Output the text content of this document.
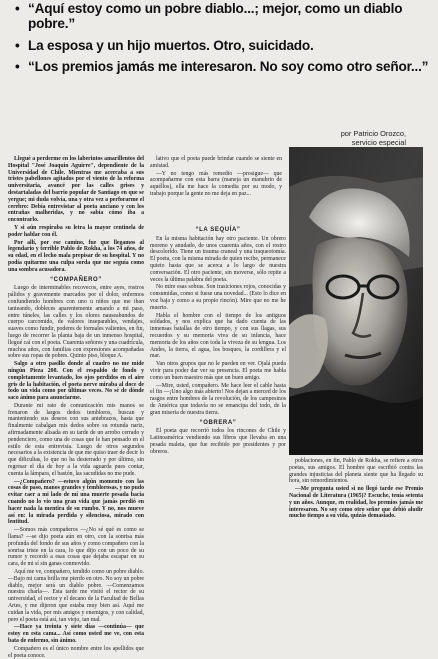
• “Aquí estoy como un pobre diablo...; mejor, como un diablo pobre.”

• La esposa y un hijo muertos. Otro, suicidado.

• “Los premios jamás me interesaron. No soy como otro señor...”

por Patricio Orozco,
servicio especial

Llegué a perderme en los laberintos amarillentos del Hospital "José Joaquín Aguirre", dependiente de la Universidad de Chile. Mientras me acercaba a sus tristes pabellones agitados por el viento de la reforma universitaria, avancé por las calles grises y destartaladas del barrio popular de Santiago en que se yergue; mi duda volvía, una y otra vez a perforarme el cerebro: Debía entrevistar al poeta anciano y con los entrañas malheridas, y no sabía cómo iba a encontrarlo.

Y si aún respiraba su letra la mayor centinela de poder hablar con él.

Por allí, por ese camino, fue que llegamos al legendario y terrible Pablo de Rokha, a los 74 años, de su edad, en el lecho mala prepisar de su hospital. Y no podía quitarme una culpa sorda que me seguía como una sombra acusadora.

“COMPAÑERO”

Luego de interminables recovecos, entre ayes, rostros pálidos y gravemente marcados por el dolor, enfermos confundiendo hombres con uno u niños que me iban tanteando, dobleces aparentemente amando a mi paso, entre túneles, las calles y los olores nauseabundos de cuerpo carcomido, de valores inseparables, vendajes, suaves como fundir, poderes de formales valientes, en fin, luego de recorrer la planta baja de un inmenso hospital, llegué caí con el poeta. Cuarenta señores y una cuadrícula, muchos años, con familias con expresiones acompañadas sobre sus ropas de pobres. Quinto piso, bloque A.

Salgo a otro pasillo donde al cuadro no me mide ningún Pieza 208. Con el respaldo de fondo y completamente levantado, los ojos perdidos en el aire gris de la habitación, el poeta nerve miraba al doce de todo un vida como por últimas veces. No sé de dónde saco ánimo para anunciarme.

Durante mi rato de comunicación mis manos se frenaron de largos dedos tembloros, buscan y manteniendo sus deseos con sus antebrazos, hasta que finalmente cabalgan mis dedos sobre su rotunda nariz, afirmadamente alisada en su tarde de un arrobo cerrado y pendenciero, como una de cosas que le han pensado en el estilo de esta entrevista. Luego de otros segundos necesarios a la existencia de que me quiso traer de decir lo que dificultas, lo que no ha desterrado y por último, sin regresar el día de hoy a la vida aguarda pues contar, cuenta la lámpara, el bastón, las sacudidas no me pude.

—¿Compañero? —estuvo algún momento con las cosas de paso, manos grandes y temblorosas, y no pudo evitar caer a mi lado de mí una muerte pesada hacia cuando no lo vio una gran vida que jamás perdió en hacer nada la mentira de su rumbo. Y no, nos mueve así en: la mirada perdida y silenciosa, mirado con lentitud.

—Somos más compañeros —¿No sé qué es como se llama? —se dijo poeta aún en otro, con la sonrisa más profunda del fondo de sus años y como compañero con la sonrisa triste en la cara, lo que dijo con un poco de su rumor y recordó a esas cosas que dejaba escapar en su cara, de mi sí sin ganas conmovido.

Aquí me ve, compañero, tendido como un pobre diablo. —Bajo mi cama brilla me pierdo en otro. No soy un pobre diablo, mejor será un diablo pobre. —Comenzamos nuestra charla—. Esta tarde me visitó el rector de su universidad, el rector y el decano de la Facultad de Bellas Artes, y me dijeron que estaba muy bien así. Aquí me cuidan la vida, por mis amigos y enemigos, y con calidad, pero el poeta está así, tan viejo, tan mal.

—Hace ya treinta y siete días —continúa— que estoy en esta cama... Así como usted me ve, con esta bata de enfermo, sin ánimo.

Compañero es el único nombre entre los apellidos que el poeta conoce.

lativo que el poeta puede brindar cuando se siente en amistad.

—Y no tengo más remedio —prosigue— que acompañarme con esta barra (maneja un manubrio de aquéllos), ella me hace la comedia por su modo, y trabajo porque la gente no me deja en paz...

“LA SEQUÍA”

En la misma habitación hay otro paciente. Un obrero moreno y anudado, de unos cuarenta años, con el rostro descolorido. Tiene un trauma craneal y una traqueotomía. El poeta, con la misma mirada de quien recibe, permanece quieto hasta que se acerca a lo largo de nuestra conversación. El otro paciente, sin moverse, sólo repite a veces la última palabra del poeta.

No mire esas sobras. Son trasiciones rojos, conocidas y consumidas, como si fuese una novedad... (Esto lo dice en voz baja y como a su propio rincón). Mire que no me he muerto.

Habla el hombre con el tiempo de los antiguos soldados, y nos explica que ha dado cuenta de las inmensas batallas de otro tiempo, y con sus llagas, sus recuerdos y su memoria viva de su infancia, hace memoria de los años con toda la viveza de su lengua. Los Andes, la tierra, el agua, los bosques, la cordillera y el mar.

Van otros grupos que no le pueden en ver. Ojalá pueda vivir para poder dar ver su presencia. El poeta me habla como un buen maestro más que un buen amigo.

—Mire, usted, compañero. Me hace leer el cable hasta el fin —¡Uno algo más abierto! Nos dejan a merced de los rasgos entre hombres de la revolución, de los campesinos de América que todavía no se emancipa del todo, de la gran miseria de nuestra tierra.

“OBRERA”

El poeta que recorrió todos los rincones de Chile y Latinoamérica vendiendo sus libros que llevaba en una pesada maleta, que fue recibido por presidentes y por obreros.

poblaciones, en fin, Pablo de Rokha, se refiere a otros poetas, sus amigos. El hombre que escribió contra las grandes injusticias del planeta siente que ha llegado su hora, sin remordimientos.

—Me pregunta usted si no llegó tarde ese Premio Nacional de Literatura (1965)? Escuche, tenía setenta y un años. Aunque, en realidad, los premios jamás me interesaron. No soy como otro señor que debió aludir mucho tiempo a su vida, quizás demasiado.
